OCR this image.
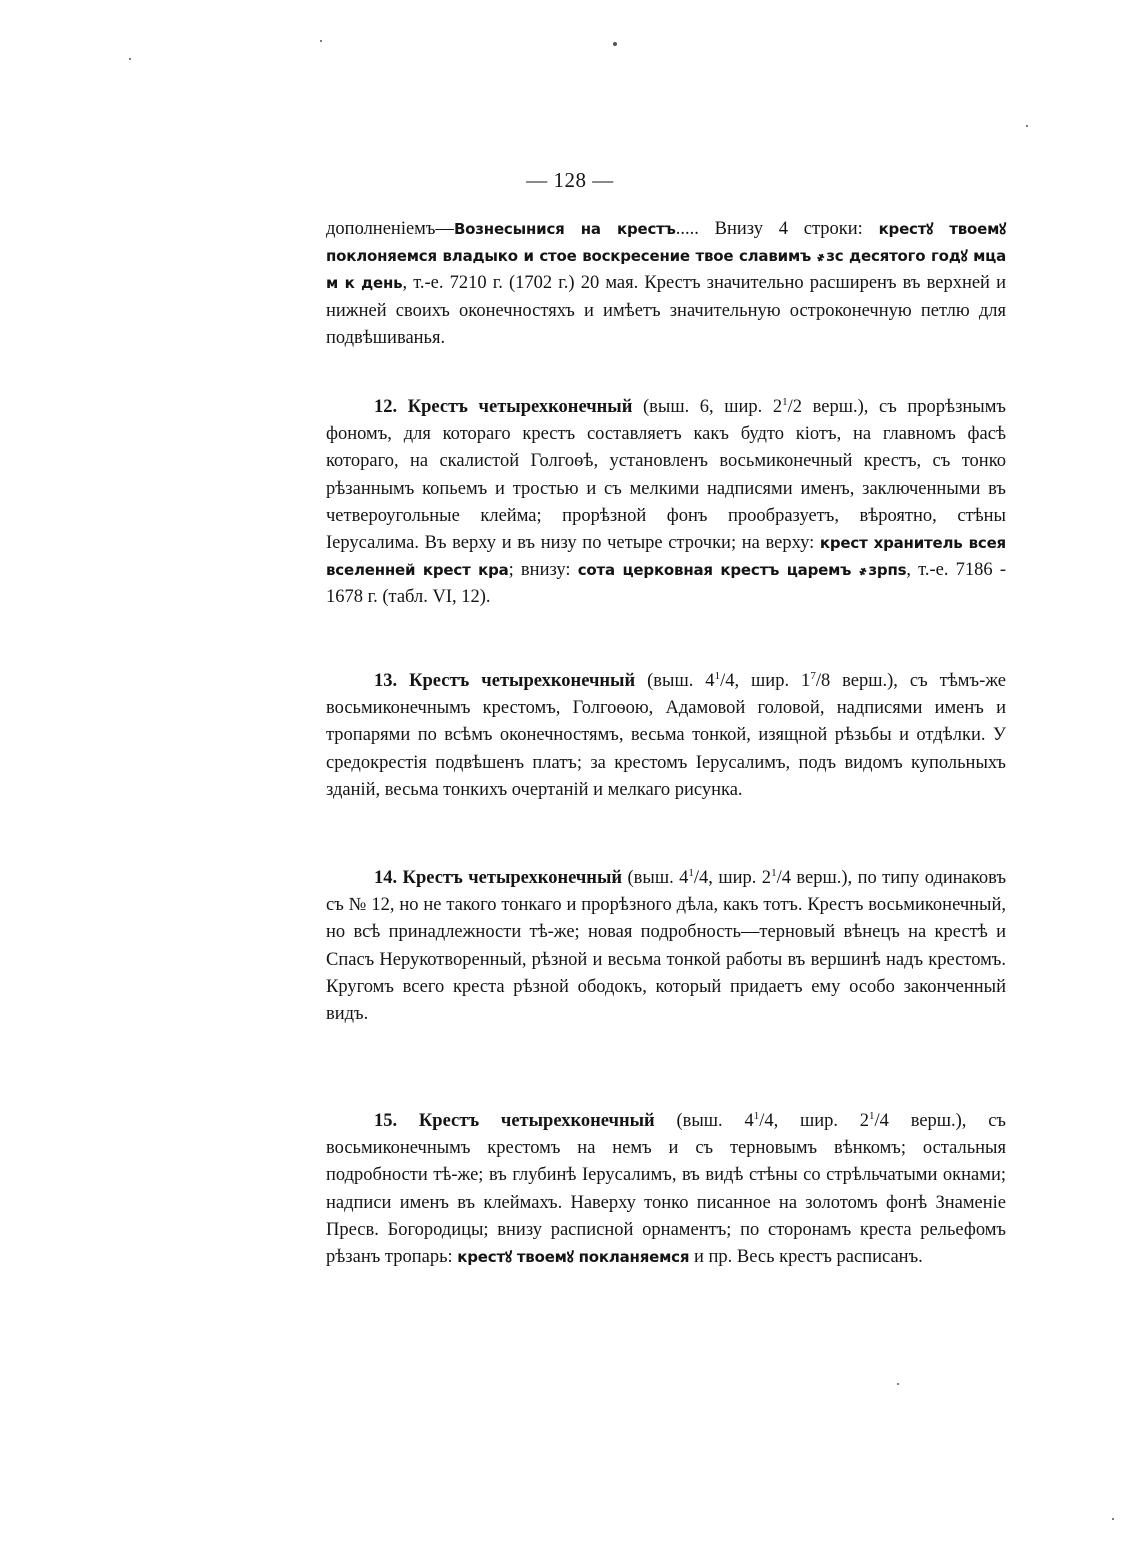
— 128 —

дополненіемъ—Вознесынися на крестъ..... Внизу 4 строки: крестꙋ твоемꙋ поклоняемся владыко и стое воскресение твое славимъ ҂зс десятого годꙋ мца м к день, т.-е. 7210 г. (1702 г.) 20 мая. Крестъ значительно расширенъ въ верхней и нижней своихъ оконечностяхъ и имѣетъ значительную остроконечную петлю для подвѣшиванья.

12. Крестъ четырехконечный (выш. 6, шир. $2^1/2$ верш.), съ прорѣзнымъ фономъ, для котораго крестъ составляетъ какъ будто кіотъ, на главномъ фасѣ котораго, на скалистой Голгоѳѣ, установленъ восьмиконечный крестъ, съ тонко рѣзаннымъ копьемъ и тростью и съ мелкими надписями именъ, заключенными въ четвероугольные клейма; прорѣзной фонъ прообразуетъ, вѣроятно, стѣны Іерусалима. Въ верху и въ низу по четыре строчки; на верху: крест хранитель всея вселенней крест кра; внизу: сота церковная крестъ царемъ ҂зрпѕ, т.-е. 7186 - 1678 г. (табл. VI, 12).

13. Крестъ четырехконечный (выш. $4^1/4$, шир. $1^7/8$ верш.), съ тѣмъ-же восьмиконечнымъ крестомъ, Голгоѳою, Адамовой головой, надписями именъ и тропарями по всѣмъ оконечностямъ, весьма тонкой, изящной рѣзьбы и отдѣлки. У средокрестія подвѣшенъ платъ; за крестомъ Іерусалимъ, подъ видомъ купольныхъ зданій, весьма тонкихъ очертаній и мелкаго рисунка.

14. Крестъ четырехконечный (выш. $4^1/4$, шир. $2^1/4$ верш.), по типу одинаковъ съ № 12, но не такого тонкаго и прорѣзного дѣла, какъ тотъ. Крестъ восьмиконечный, но всѣ принадлежности тѣ-же; новая подробность—терновый вѣнецъ на крестѣ и Спасъ Нерукотворенный, рѣзной и весьма тонкой работы въ вершинѣ надъ крестомъ. Кругомъ всего креста рѣзной ободокъ, который придаетъ ему особо законченный видъ.

15. Крестъ четырехконечный (выш. $4^1/4$, шир. $2^1/4$ верш.), съ восьмиконечнымъ крестомъ на немъ и съ терновымъ вѣнкомъ; остальныя подробности тѣ-же; въ глубинѣ Іерусалимъ, въ видѣ стѣны со стрѣльчатыми окнами; надписи именъ въ клеймахъ. Наверху тонко писанное на золотомъ фонѣ Знаменіе Пресв. Богородицы; внизу расписной орнаментъ; по сторонамъ креста рельефомъ рѣзанъ тропарь: крестꙋ твоемꙋ покланяемся и пр. Весь крестъ расписанъ.
